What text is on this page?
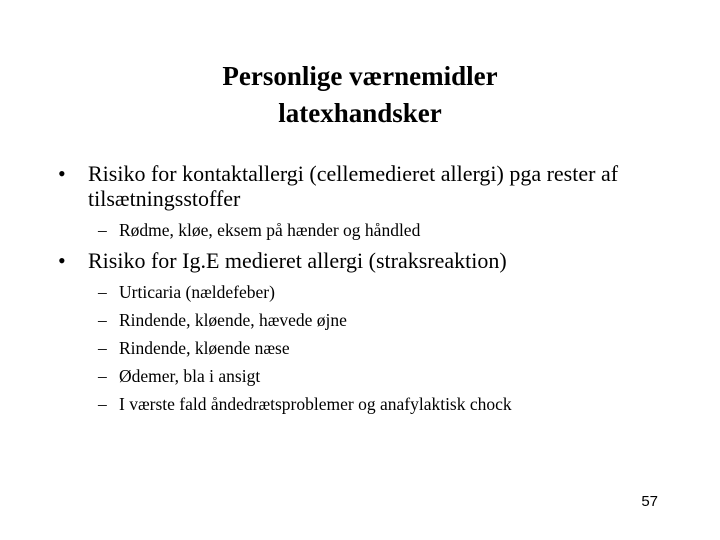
Personlige værnemidler
latexhandsker
• Risiko for kontaktallergi (cellemedieret allergi) pga rester af tilsætningsstoffer
– Rødme, kløe, eksem på hænder og håndled
• Risiko for Ig.E medieret allergi (straksreaktion)
– Urticaria (nældefeber)
– Rindende, kløende, hævede øjne
– Rindende, kløende næse
– Ødemer, bla i ansigt
– I værste fald åndedrætsproblemer og anafylaktisk chock
57
